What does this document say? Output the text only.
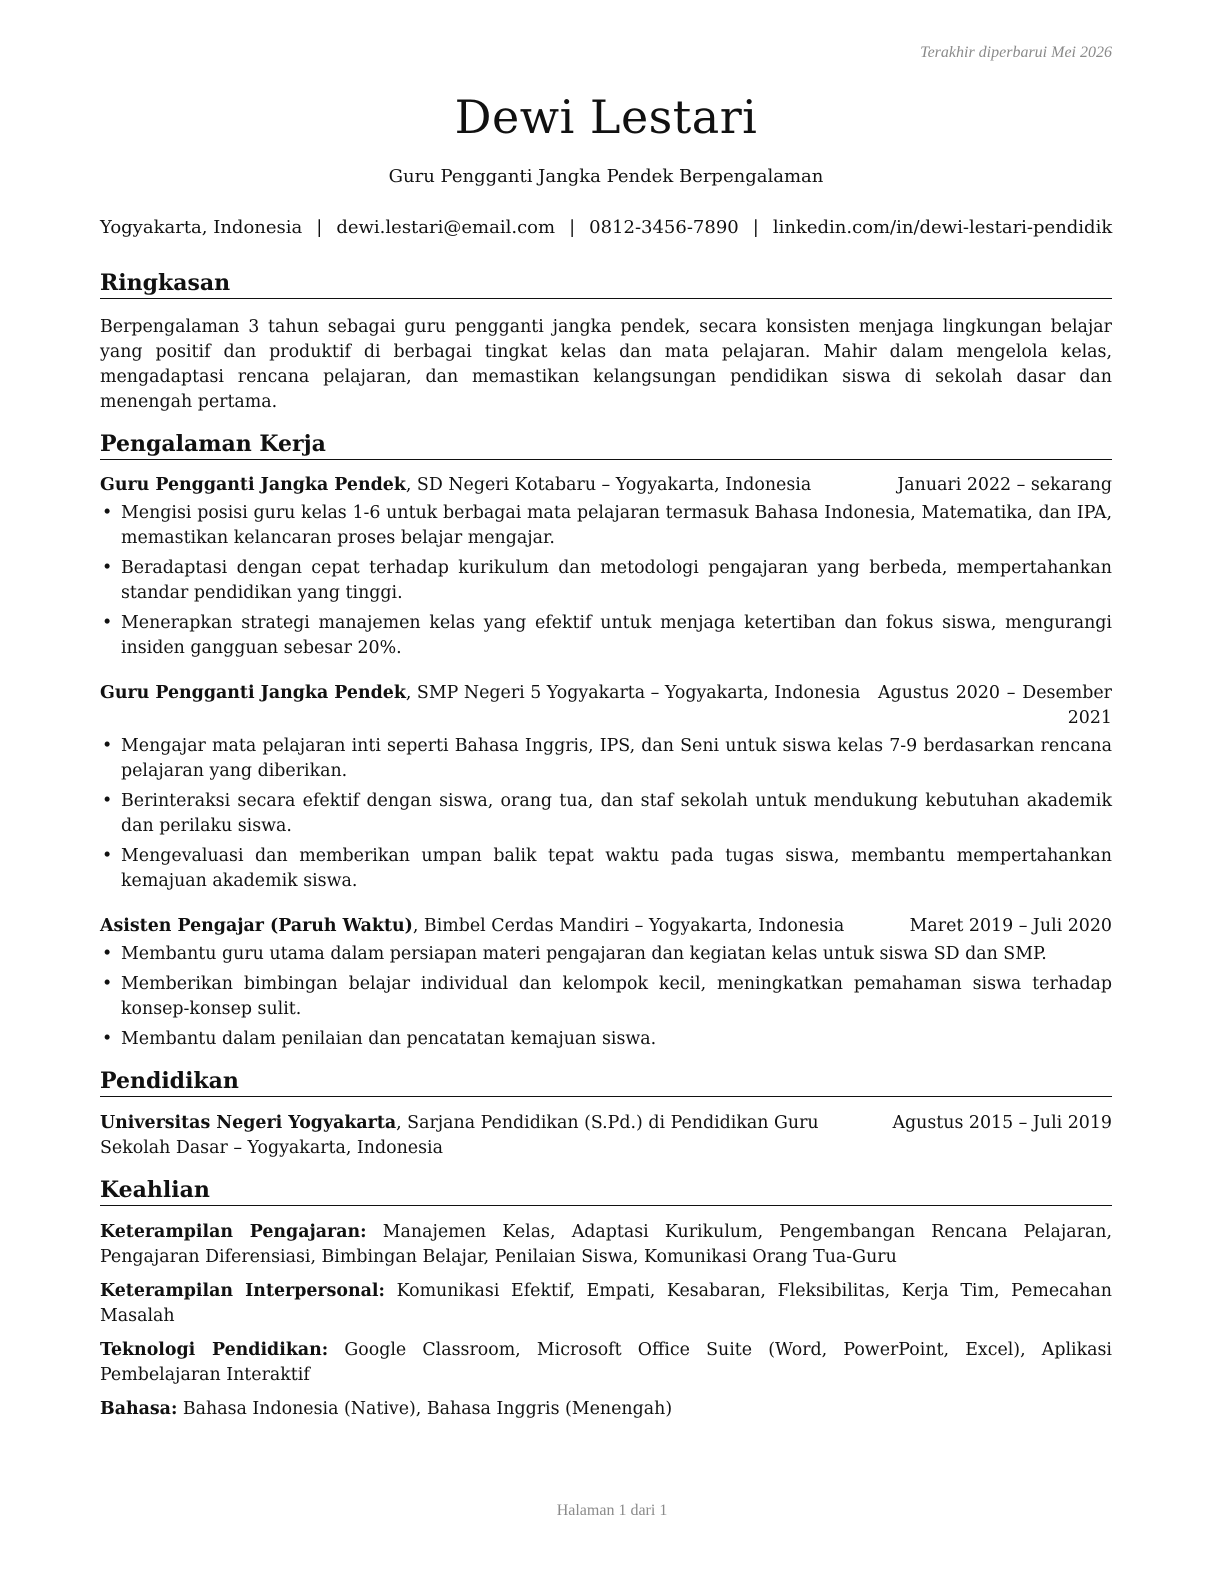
Terakhir diperbarui Mei 2026
Dewi Lestari
Guru Pengganti Jangka Pendek Berpengalaman
Yogyakarta, Indonesia | dewi.lestari@email.com | 0812-3456-7890 | linkedin.com/in/dewi-lestari-pendidik
Ringkasan
Berpengalaman 3 tahun sebagai guru pengganti jangka pendek, secara konsisten menjaga lingkungan belajar yang positif dan produktif di berbagai tingkat kelas dan mata pelajaran. Mahir dalam mengelola kelas, mengadaptasi rencana pelajaran, dan memastikan kelangsungan pendidikan siswa di sekolah dasar dan menengah pertama.
Pengalaman Kerja
Guru Pengganti Jangka Pendek, SD Negeri Kotabaru – Yogyakarta, Indonesia	Januari 2022 – sekarang
• Mengisi posisi guru kelas 1-6 untuk berbagai mata pelajaran termasuk Bahasa Indonesia, Matematika, dan IPA, memastikan kelancaran proses belajar mengajar.
• Beradaptasi dengan cepat terhadap kurikulum dan metodologi pengajaran yang berbeda, mempertahankan standar pendidikan yang tinggi.
• Menerapkan strategi manajemen kelas yang efektif untuk menjaga ketertiban dan fokus siswa, mengurangi insiden gangguan sebesar 20%.
Guru Pengganti Jangka Pendek, SMP Negeri 5 Yogyakarta – Yogyakarta, Indonesia Agustus 2020 – Desember 2021
• Mengajar mata pelajaran inti seperti Bahasa Inggris, IPS, dan Seni untuk siswa kelas 7-9 berdasarkan rencana pelajaran yang diberikan.
• Berinteraksi secara efektif dengan siswa, orang tua, dan staf sekolah untuk mendukung kebutuhan akademik dan perilaku siswa.
• Mengevaluasi dan memberikan umpan balik tepat waktu pada tugas siswa, membantu mempertahankan kemajuan akademik siswa.
Asisten Pengajar (Paruh Waktu), Bimbel Cerdas Mandiri – Yogyakarta, Indonesia	Maret 2019 – Juli 2020
• Membantu guru utama dalam persiapan materi pengajaran dan kegiatan kelas untuk siswa SD dan SMP.
• Memberikan bimbingan belajar individual dan kelompok kecil, meningkatkan pemahaman siswa terhadap konsep-konsep sulit.
• Membantu dalam penilaian dan pencatatan kemajuan siswa.
Pendidikan
Universitas Negeri Yogyakarta, Sarjana Pendidikan (S.Pd.) di Pendidikan Guru Sekolah Dasar – Yogyakarta, Indonesia
Agustus 2015 – Juli 2019
Keahlian
Keterampilan Pengajaran: Manajemen Kelas, Adaptasi Kurikulum, Pengembangan Rencana Pelajaran, Pengajaran Diferensiasi, Bimbingan Belajar, Penilaian Siswa, Komunikasi Orang Tua-Guru
Keterampilan Interpersonal: Komunikasi Efektif, Empati, Kesabaran, Fleksibilitas, Kerja Tim, Pemecahan Masalah
Teknologi Pendidikan: Google Classroom, Microsoft Office Suite (Word, PowerPoint, Excel), Aplikasi Pembelajaran Interaktif
Bahasa: Bahasa Indonesia (Native), Bahasa Inggris (Menengah)
Halaman 1 dari 1
